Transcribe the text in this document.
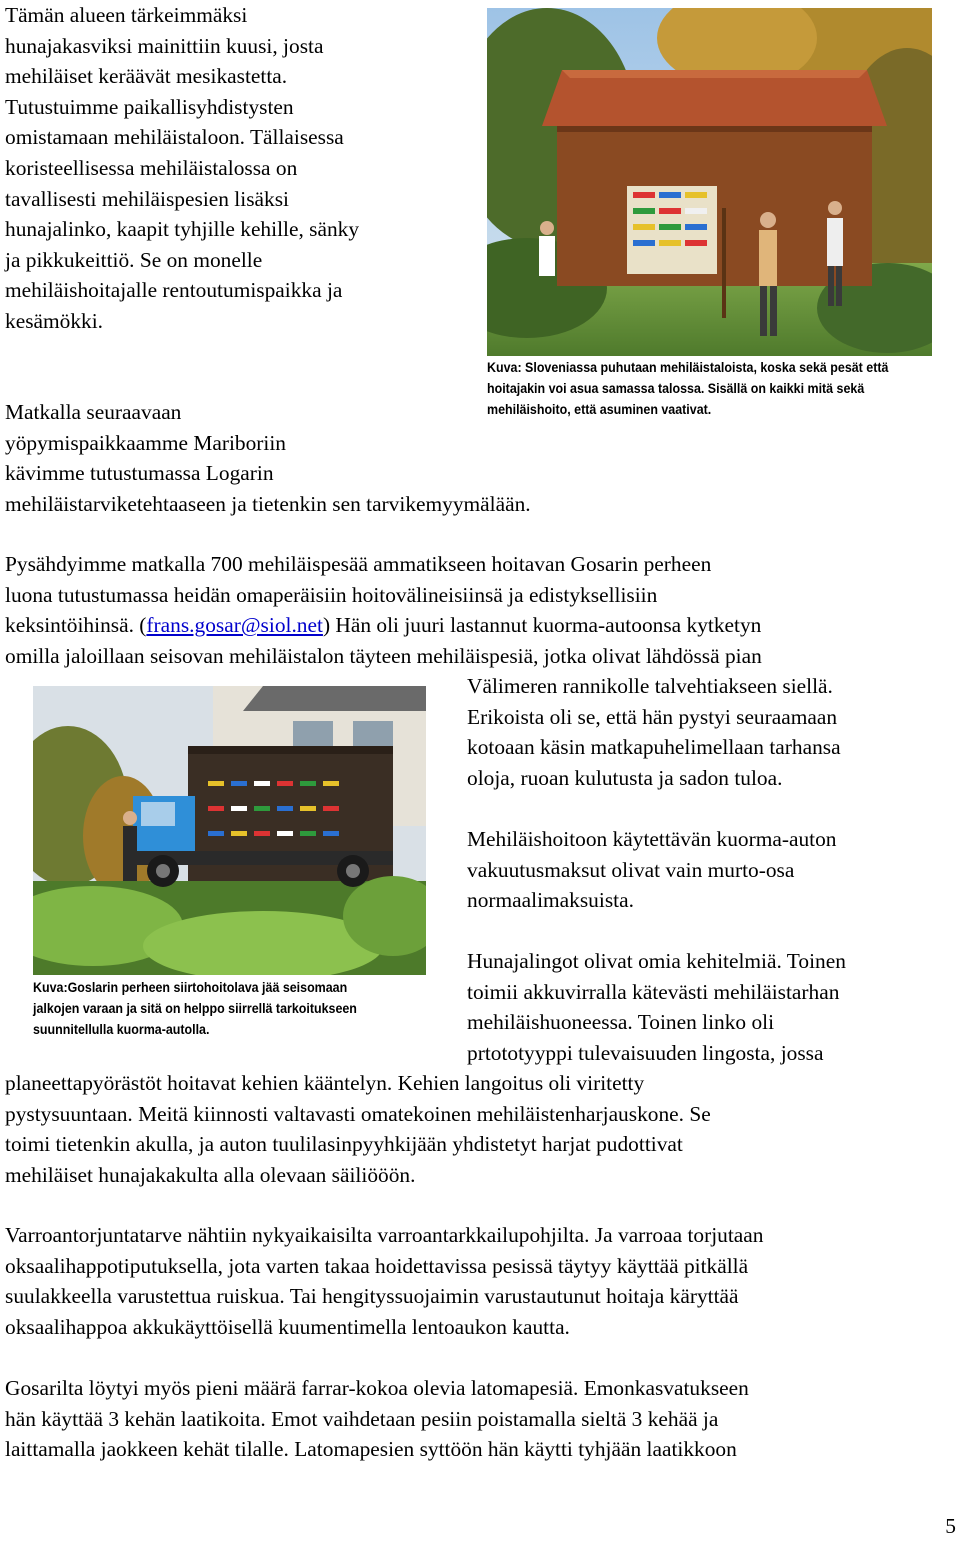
Tämän alueen tärkeimmäksi
hunajakasviksi mainittiin kuusi, josta
mehiläiset keräävät mesikastetta.
Tutustuimme paikallisyhdistysten
omistamaan mehiläistaloon. Tällaisessa
koristeellisessa mehiläistalossa on
tavallisesti mehiläispesien lisäksi
hunajalinko, kaapit tyhjille kehille, sänky
ja pikkukeittiö. Se on monelle
mehiläishoitajalle rentoutumispaikka ja
kesämökki.
Kuva: Sloveniassa puhutaan mehiläistaloista, koska sekä pesät että
hoitajakin voi asua samassa talossa. Sisällä on kaikki mitä sekä
mehiläishoito, että asuminen vaativat.
Matkalla seuraavaan
yöpymispaikkaamme Mariboriin
kävimme tutustumassa Logarin
mehiläistarviketehtaaseen ja tietenkin sen tarvikemyymälään.
Pysähdyimme matkalla 700 mehiläispesää ammatikseen hoitavan Gosarin perheen
luona tutustumassa heidän omaperäisiin hoitovälineisiinsä ja edistyksellisiin
keksintöihinsä. (frans.gosar@siol.net) Hän oli juuri lastannut kuorma-autoonsa kytketyn
omilla jaloillaan seisovan mehiläistalon täyteen mehiläispesiä, jotka olivat lähdössä pian
Välimeren rannikolle talvehtiakseen siellä.
Erikoista oli se, että hän pystyi seuraamaan
kotoaan käsin matkapuhelimellaan tarhansa
oloja, ruoan kulutusta ja sadon tuloa.
Mehiläishoitoon käytettävän kuorma-auton
vakuutusmaksut olivat vain murto-osa
normaalimaksuista.
Hunajalingot olivat omia kehitelmiä. Toinen
toimii akkuvirralla kätevästi mehiläistarhan
mehiläishuoneessa. Toinen linko oli
prtototyyppi tulevaisuuden lingosta, jossa
Kuva:Goslarin perheen siirtohoitolava jää seisomaan
jalkojen varaan ja sitä on helppo siirrellä tarkoitukseen
suunnitellulla kuorma-autolla.
planeettapyörästöt hoitavat kehien kääntelyn. Kehien langoitus oli viritetty
pystysuuntaan. Meitä kiinnosti valtavasti omatekoinen mehiläistenharjauskone. Se
toimi tietenkin akulla, ja auton tuulilasinpyyhkijään yhdistetyt harjat pudottivat
mehiläiset hunajakakulta alla olevaan säiliööön.
Varroantorjuntatarve nähtiin nykyaikaisilta varroantarkkailupohjilta. Ja varroaa torjutaan
oksaalihappotiputuksella, jota varten takaa hoidettavissa pesissä täytyy käyttää pitkällä
suulakkeella varustettua ruiskua. Tai hengityssuojaimin varustautunut hoitaja käryttää
oksaalihappoa akkukäyttöisellä kuumentimella lentoaukon kautta.
Gosarilta löytyi myös pieni määrä farrar-kokoa olevia latomapesiä. Emonkasvatukseen
hän käyttää 3 kehän laatikoita. Emot vaihdetaan pesiin poistamalla sieltä 3 kehää ja
laittamalla jaokkeen kehät tilalle. Latomapesien syttöön hän käytti tyhjään laatikkoon
5
